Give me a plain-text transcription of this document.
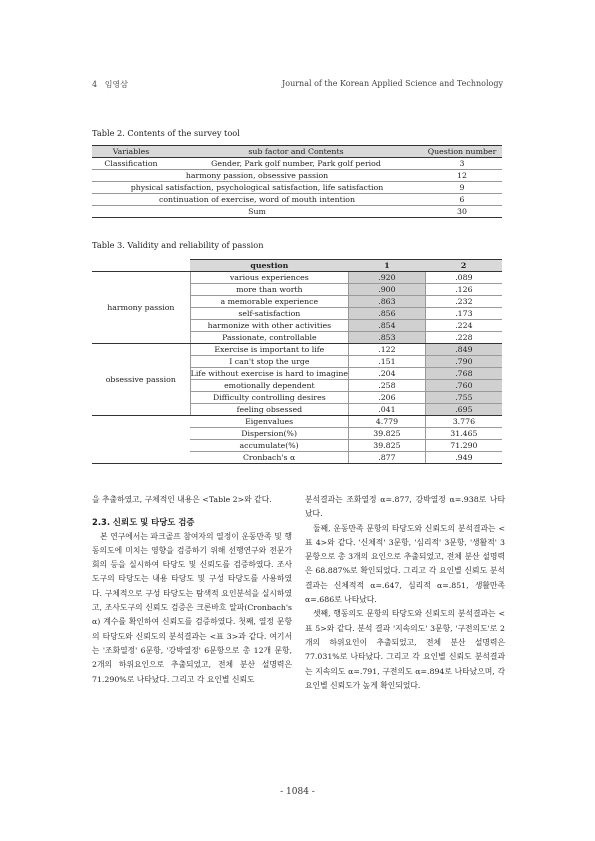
4 임영삼	Journal of the Korean Applied Science and Technology
Table 2. Contents of the survey tool
Variables	sub factor and Contents	Question number
Classification	Gender, Park golf number, Park golf period	3
harmony passion, obsessive passion		12
physical satisfaction, psychological satisfaction, life satisfaction		9
continuation of exercise, word of mouth intention		6
Sum		30
Table 3. Validity and reliability of passion
	question	1	2
harmony passion	various experiences	.920	.089
	more than worth	.900	.126
	a memorable experience	.863	.232
	self-satisfaction	.856	.173
	harmonize with other activities	.854	.224
	Passionate, controllable	.853	.228
obsessive passion	Exercise is important to life	.122	.849
	I can't stop the urge	.151	.790
	Life without exercise is hard to imagine	.204	.768
	emotionally dependent	.258	.760
	Difficulty controlling desires	.206	.755
	feeling obsessed	.041	.695
	Eigenvalues	4.779	3.776
	Dispersion(%)	39.825	31.465
	accumulate(%)	39.825	71.290
	Cronbach's α	.877	.949

을 추출하였고, 구체적인 내용은 <Table 2>와 같다.

2.3. 신뢰도 및 타당도 검증

본 연구에서는 파크골프 참여자의 열정이 운동만족 및 행동의도에 미치는 영향을 검증하기 위해 선행연구와 전문가 회의 등을 실시하여 타당도 및 신뢰도를 검증하였다. 조사도구의 타당도는 내용 타당도 및 구성 타당도를 사용하였다. 구체적으로 구성 타당도는 탐색적 요인분석을 실시하였고, 조사도구의 신뢰도 검증은 크론바흐 알파(Cronbach's α) 계수를 확인하여 신뢰도를 검증하였다. 첫째, 열정 문항의 타당도와 신뢰도의 분석결과는 <표 3>과 같다. 여기서는 '조화열정' 6문항, '강박열정' 6문항으로 총 12개 문항, 2개의 하위요인으로 추출되었고, 전체 분산 설명력은 71.290%로 나타났다. 그리고 각 요인별 신뢰도

분석결과는 조화열정 α=.877, 강박열정 α=.938로 나타났다.

둘째, 운동만족 문항의 타당도와 신뢰도의 분석결과는 <표 4>와 같다. '신체적' 3문항, '심리적' 3문항, '생활적' 3문항으로 총 3개의 요인으로 추출되었고, 전체 분산 설명력은 68.887%로 확인되었다. 그리고 각 요인별 신뢰도 분석결과는 신체적적 α=.647, 심리적 α=.851, 생활만족 α=.686로 나타났다.

셋째, 행동의도 문항의 타당도와 신뢰도의 분석결과는 <표 5>와 같다. 분석 결과 '지속의도' 3문항, '구전의도'로 2개의 하위요인이 추출되었고, 전체 분산 설명력은 77.031%로 나타났다. 그리고 각 요인별 신뢰도 분석결과는 지속의도 α=.791, 구전의도 α=.894로 나타났으며, 각 요인별 신뢰도가 높게 확인되었다.

- 1084 -
